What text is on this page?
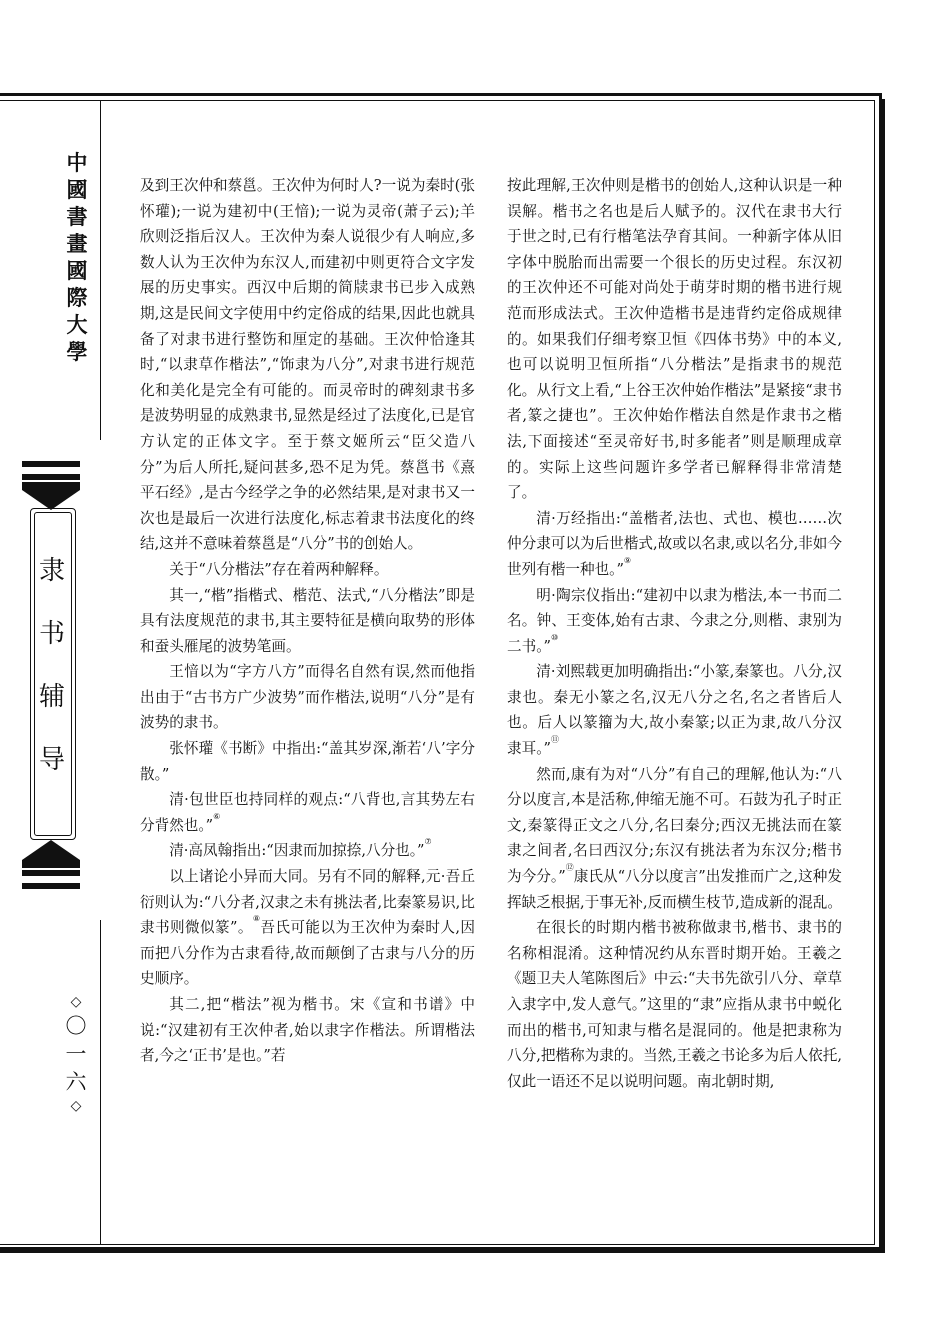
中
國
書
畫
國
際
大
學
隶
书
辅
导
◇
〇
一
六
◇

及到王次仲和蔡邕。王次仲为何时人?一说为秦时(张怀瓘);一说为建初中(王愔);一说为灵帝(萧子云);羊欣则泛指后汉人。王次仲为秦人说很少有人响应,多数人认为王次仲为东汉人,而建初中则更符合文字发展的历史事实。西汉中后期的简牍隶书已步入成熟期,这是民间文字使用中约定俗成的结果,因此也就具备了对隶书进行整饬和厘定的基础。王次仲恰逢其时,“以隶草作楷法”,“饰隶为八分”,对隶书进行规范化和美化是完全有可能的。而灵帝时的碑刻隶书多是波势明显的成熟隶书,显然是经过了法度化,已是官方认定的正体文字。至于蔡文姬所云“臣父造八分”为后人所托,疑问甚多,恐不足为凭。蔡邕书《熹平石经》,是古今经学之争的必然结果,是对隶书又一次也是最后一次进行法度化,标志着隶书法度化的终结,这并不意味着蔡邕是“八分”书的创始人。

关于“八分楷法”存在着两种解释。

其一,“楷”指楷式、楷范、法式,“八分楷法”即是具有法度规范的隶书,其主要特征是横向取势的形体和蚕头雁尾的波势笔画。

王愔以为“字方八方”而得名自然有误,然而他指出由于“古书方广少波势”而作楷法,说明“八分”是有波势的隶书。

张怀瓘《书断》中指出:“盖其岁深,渐若‘八’字分散。”

清·包世臣也持同样的观点:“八背也,言其势左右分背然也。”⑥

清·高凤翰指出:“因隶而加掠捺,八分也。”⑦

以上诸论小异而大同。另有不同的解释,元·吾丘衍则认为:“八分者,汉隶之未有挑法者,比秦篆易识,比隶书则微似篆”。⑧吾氏可能以为王次仲为秦时人,因而把八分作为古隶看待,故而颠倒了古隶与八分的历史顺序。

其二,把“楷法”视为楷书。宋《宣和书谱》中说:“汉建初有王次仲者,始以隶字作楷法。所谓楷法者,今之‘正书’是也。”若

按此理解,王次仲则是楷书的创始人,这种认识是一种误解。楷书之名也是后人赋予的。汉代在隶书大行于世之时,已有行楷笔法孕育其间。一种新字体从旧字体中脱胎而出需要一个很长的历史过程。东汉初的王次仲还不可能对尚处于萌芽时期的楷书进行规范而形成法式。王次仲造楷书是违背约定俗成规律的。如果我们仔细考察卫恒《四体书势》中的本义,也可以说明卫恒所指“八分楷法”是指隶书的规范化。从行文上看,“上谷王次仲始作楷法”是紧接“隶书者,篆之捷也”。王次仲始作楷法自然是作隶书之楷法,下面接述“至灵帝好书,时多能者”则是顺理成章的。实际上这些问题许多学者已解释得非常清楚了。

清·万经指出:“盖楷者,法也、式也、模也……次仲分隶可以为后世楷式,故或以名隶,或以名分,非如今世列有楷一种也。”⑨

明·陶宗仪指出:“建初中以隶为楷法,本一书而二名。钟、王变体,始有古隶、今隶之分,则楷、隶别为二书。”⑩

清·刘熙载更加明确指出:“小篆,秦篆也。八分,汉隶也。秦无小篆之名,汉无八分之名,名之者皆后人也。后人以篆籀为大,故小秦篆;以正为隶,故八分汉隶耳。”⑪

然而,康有为对“八分”有自己的理解,他认为:“八分以度言,本是活称,伸缩无施不可。石鼓为孔子时正文,秦篆得正文之八分,名曰秦分;西汉无挑法而在篆隶之间者,名曰西汉分;东汉有挑法者为东汉分;楷书为今分。”⑫康氏从“八分以度言”出发推而广之,这种发挥缺乏根据,于事无补,反而横生枝节,造成新的混乱。

在很长的时期内楷书被称做隶书,楷书、隶书的名称相混淆。这种情况约从东晋时期开始。王羲之《题卫夫人笔陈图后》中云:“夫书先欲引八分、章草入隶字中,发人意气。”这里的“隶”应指从隶书中蜕化而出的楷书,可知隶与楷名是混同的。他是把隶称为八分,把楷称为隶的。当然,王羲之书论多为后人依托,仅此一语还不足以说明问题。南北朝时期,
